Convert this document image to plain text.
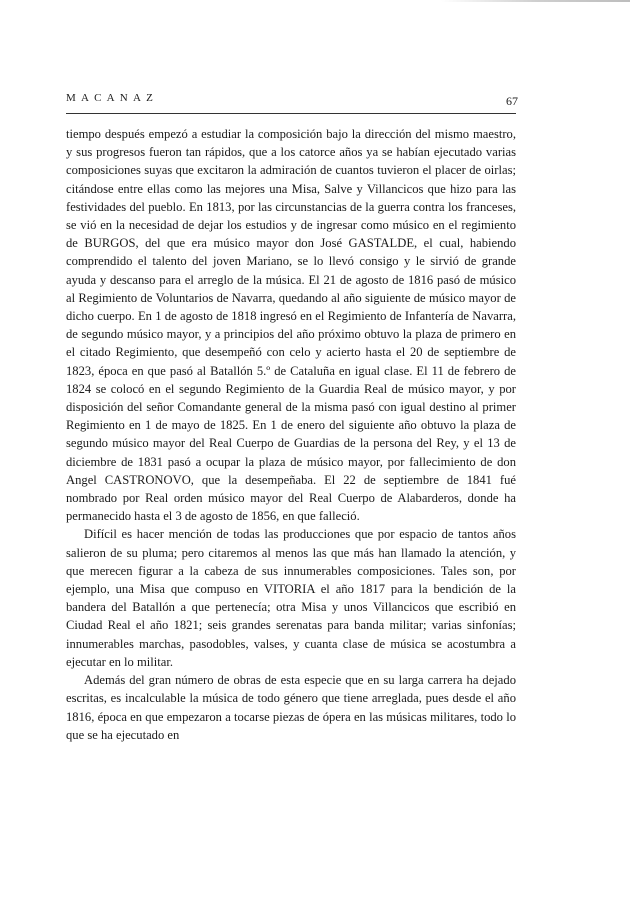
MACANAZ	67

tiempo después empezó a estudiar la composición bajo la dirección del mismo maestro, y sus progresos fueron tan rápidos, que a los catorce años ya se habían ejecutado varias composiciones suyas que excitaron la admiración de cuantos tuvieron el placer de oirlas; citándose entre ellas como las mejores una Misa, Salve y Villancicos que hizo para las festividades del pueblo. En 1813, por las circunstancias de la guerra contra los franceses, se vió en la necesidad de dejar los estudios y de ingresar como músico en el regimiento de BURGOS, del que era músico mayor don José GASTALDE, el cual, habiendo comprendido el talento del joven Mariano, se lo llevó consigo y le sirvió de grande ayuda y descanso para el arreglo de la música. El 21 de agosto de 1816 pasó de músico al Regimiento de Voluntarios de Navarra, quedando al año siguiente de músico mayor de dicho cuerpo. En 1 de agosto de 1818 ingresó en el Regimiento de Infantería de Navarra, de segundo músico mayor, y a principios del año próximo obtuvo la plaza de primero en el citado Regimiento, que desempeñó con celo y acierto hasta el 20 de septiembre de 1823, época en que pasó al Batallón 5.º de Cataluña en igual clase. El 11 de febrero de 1824 se colocó en el segundo Regimiento de la Guardia Real de músico mayor, y por disposición del señor Comandante general de la misma pasó con igual destino al primer Regimiento en 1 de mayo de 1825. En 1 de enero del siguiente año obtuvo la plaza de segundo músico mayor del Real Cuerpo de Guardias de la persona del Rey, y el 13 de diciembre de 1831 pasó a ocupar la plaza de músico mayor, por fallecimiento de don Angel CASTRONOVO, que la desempeñaba. El 22 de septiembre de 1841 fué nombrado por Real orden músico mayor del Real Cuerpo de Alabarderos, donde ha permanecido hasta el 3 de agosto de 1856, en que falleció.

Difícil es hacer mención de todas las producciones que por espacio de tantos años salieron de su pluma; pero citaremos al menos las que más han llamado la atención, y que merecen figurar a la cabeza de sus innumerables composiciones. Tales son, por ejemplo, una Misa que compuso en VITORIA el año 1817 para la bendición de la bandera del Batallón a que pertenecía; otra Misa y unos Villancicos que escribió en Ciudad Real el año 1821; seis grandes serenatas para banda militar; varias sinfonías; innumerables marchas, pasodobles, valses, y cuanta clase de música se acostumbra a ejecutar en lo militar.

Además del gran número de obras de esta especie que en su larga carrera ha dejado escritas, es incalculable la música de todo género que tiene arreglada, pues desde el año 1816, época en que empezaron a tocarse piezas de ópera en las músicas militares, todo lo que se ha ejecutado en
